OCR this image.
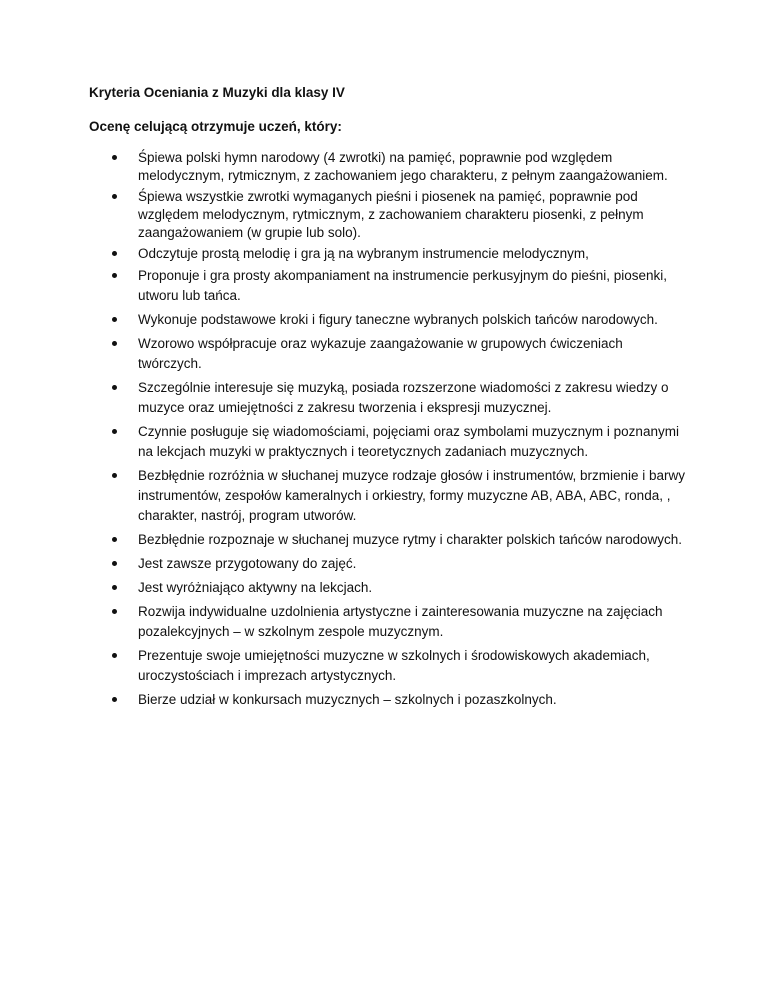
Kryteria Oceniania z Muzyki dla klasy IV

Ocenę celującą otrzymuje uczeń, który:

Śpiewa polski hymn narodowy (4 zwrotki) na pamięć, poprawnie pod względem melodycznym, rytmicznym, z zachowaniem jego charakteru, z pełnym zaangażowaniem.
Śpiewa wszystkie zwrotki wymaganych pieśni i piosenek na pamięć, poprawnie pod względem melodycznym, rytmicznym, z zachowaniem charakteru piosenki, z pełnym zaangażowaniem (w grupie lub solo).
Odczytuje prostą melodię i gra ją na wybranym instrumencie melodycznym,
Proponuje i gra prosty akompaniament na instrumencie perkusyjnym do pieśni, piosenki, utworu lub tańca.
Wykonuje podstawowe kroki i figury taneczne wybranych polskich tańców narodowych.
Wzorowo współpracuje oraz wykazuje zaangażowanie w grupowych ćwiczeniach twórczych.
Szczególnie interesuje się muzyką, posiada rozszerzone wiadomości z zakresu wiedzy o muzyce oraz umiejętności z zakresu tworzenia i ekspresji muzycznej.
Czynnie posługuje się wiadomościami, pojęciami oraz symbolami muzycznym i poznanymi na lekcjach muzyki w praktycznych i teoretycznych zadaniach muzycznych.
Bezbłędnie rozróżnia w słuchanej muzyce rodzaje głosów i instrumentów, brzmienie i barwy instrumentów, zespołów kameralnych i orkiestry, formy muzyczne AB, ABA, ABC, ronda, , charakter, nastrój, program utworów.
Bezbłędnie rozpoznaje w słuchanej muzyce rytmy i charakter polskich tańców narodowych.
Jest zawsze przygotowany do zajęć.
Jest wyróżniająco aktywny na lekcjach.
Rozwija indywidualne uzdolnienia artystyczne i zainteresowania muzyczne na zajęciach pozalekcyjnych – w szkolnym zespole muzycznym.
Prezentuje swoje umiejętności muzyczne w szkolnych i środowiskowych akademiach, uroczystościach i imprezach artystycznych.
Bierze udział w konkursach muzycznych – szkolnych i pozaszkolnych.
